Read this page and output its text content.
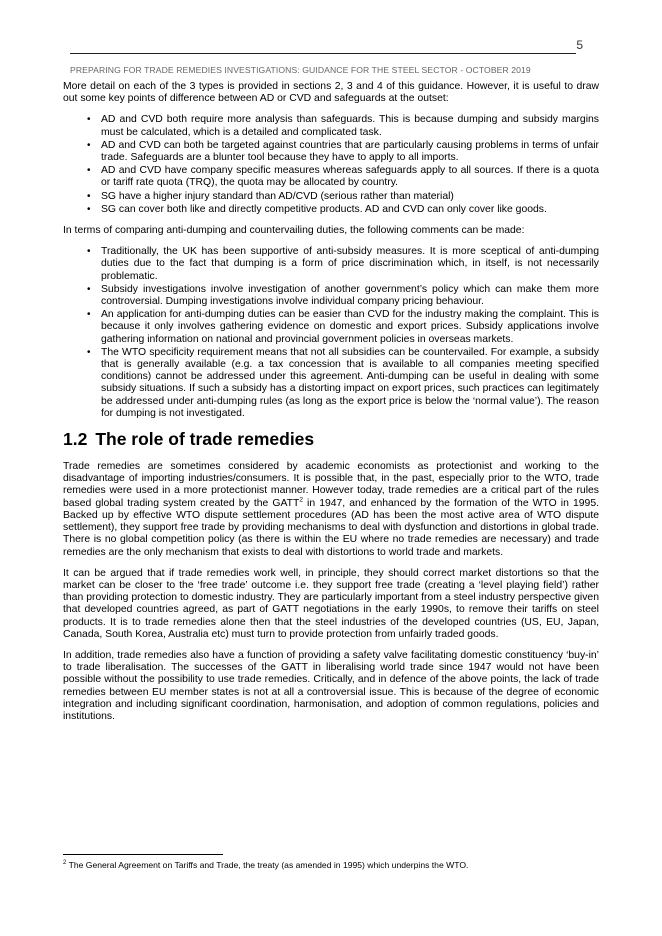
5
PREPARING FOR TRADE REMEDIES INVESTIGATIONS: GUIDANCE FOR THE STEEL SECTOR - OCTOBER 2019

More detail on each of the 3 types is provided in sections 2, 3 and 4 of this guidance. However, it is useful to draw out some key points of difference between AD or CVD and safeguards at the outset:

• AD and CVD both require more analysis than safeguards. This is because dumping and subsidy margins must be calculated, which is a detailed and complicated task.
• AD and CVD can both be targeted against countries that are particularly causing problems in terms of unfair trade. Safeguards are a blunter tool because they have to apply to all imports.
• AD and CVD have company specific measures whereas safeguards apply to all sources. If there is a quota or tariff rate quota (TRQ), the quota may be allocated by country.
• SG have a higher injury standard than AD/CVD (serious rather than material)
• SG can cover both like and directly competitive products. AD and CVD can only cover like goods.

In terms of comparing anti-dumping and countervailing duties, the following comments can be made:

• Traditionally, the UK has been supportive of anti-subsidy measures. It is more sceptical of anti-dumping duties due to the fact that dumping is a form of price discrimination which, in itself, is not necessarily problematic.
• Subsidy investigations involve investigation of another government’s policy which can make them more controversial. Dumping investigations involve individual company pricing behaviour.
• An application for anti-dumping duties can be easier than CVD for the industry making the complaint. This is because it only involves gathering evidence on domestic and export prices. Subsidy applications involve gathering information on national and provincial government policies in overseas markets.
• The WTO specificity requirement means that not all subsidies can be countervailed. For example, a subsidy that is generally available (e.g. a tax concession that is available to all companies meeting specified conditions) cannot be addressed under this agreement. Anti-dumping can be useful in dealing with some subsidy situations. If such a subsidy has a distorting impact on export prices, such practices can legitimately be addressed under anti-dumping rules (as long as the export price is below the ‘normal value’). The reason for dumping is not investigated.
1.2 The role of trade remedies

Trade remedies are sometimes considered by academic economists as protectionist and working to the disadvantage of importing industries/consumers. It is possible that, in the past, especially prior to the WTO, trade remedies were used in a more protectionist manner. However today, trade remedies are a critical part of the rules based global trading system created by the GATT$^2$ in 1947, and enhanced by the formation of the WTO in 1995. Backed up by effective WTO dispute settlement procedures (AD has been the most active area of WTO dispute settlement), they support free trade by providing mechanisms to deal with dysfunction and distortions in global trade. There is no global competition policy (as there is within the EU where no trade remedies are necessary) and trade remedies are the only mechanism that exists to deal with distortions to world trade and markets.

It can be argued that if trade remedies work well, in principle, they should correct market distortions so that the market can be closer to the ‘free trade’ outcome i.e. they support free trade (creating a ‘level playing field’) rather than providing protection to domestic industry. They are particularly important from a steel industry perspective given that developed countries agreed, as part of GATT negotiations in the early 1990s, to remove their tariffs on steel products. It is to trade remedies alone then that the steel industries of the developed countries (US, EU, Japan, Canada, South Korea, Australia etc) must turn to provide protection from unfairly traded goods.

In addition, trade remedies also have a function of providing a safety valve facilitating domestic constituency ‘buy-in’ to trade liberalisation. The successes of the GATT in liberalising world trade since 1947 would not have been possible without the possibility to use trade remedies. Critically, and in defence of the above points, the lack of trade remedies between EU member states is not at all a controversial issue. This is because of the degree of economic integration and including significant coordination, harmonisation, and adoption of common regulations, policies and institutions.

$^2$ The General Agreement on Tariffs and Trade, the treaty (as amended in 1995) which underpins the WTO.
